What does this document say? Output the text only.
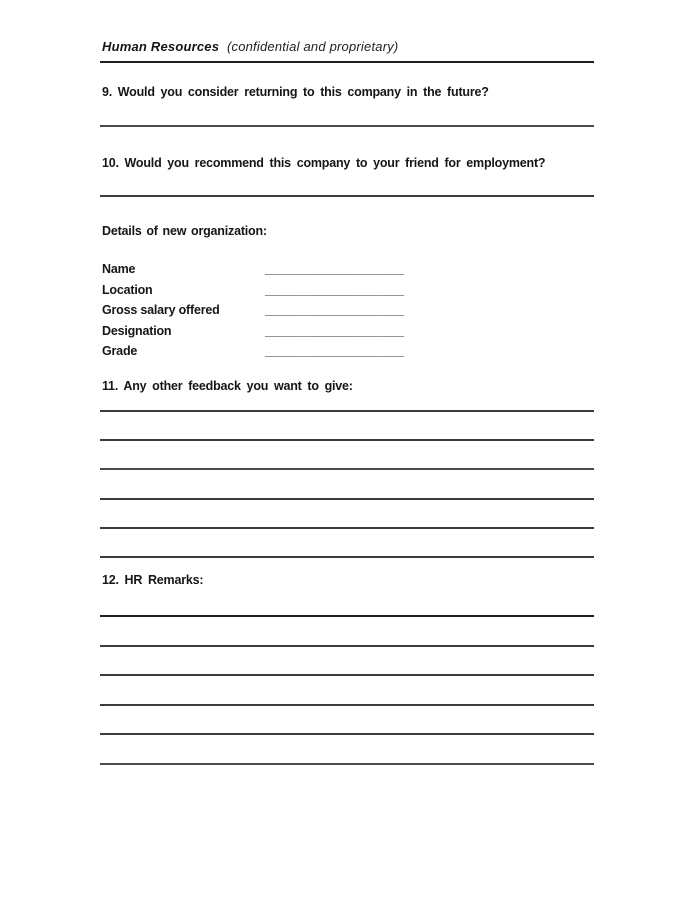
Human Resources (confidential and proprietary)
9. Would you consider returning to this company in the future?
10. Would you recommend this company to your friend for employment?
Details of new organization:
Name	____________________
Location	____________________
Gross salary offered	____________________
Designation	____________________
Grade	____________________
11. Any other feedback you want to give:
12. HR Remarks:
